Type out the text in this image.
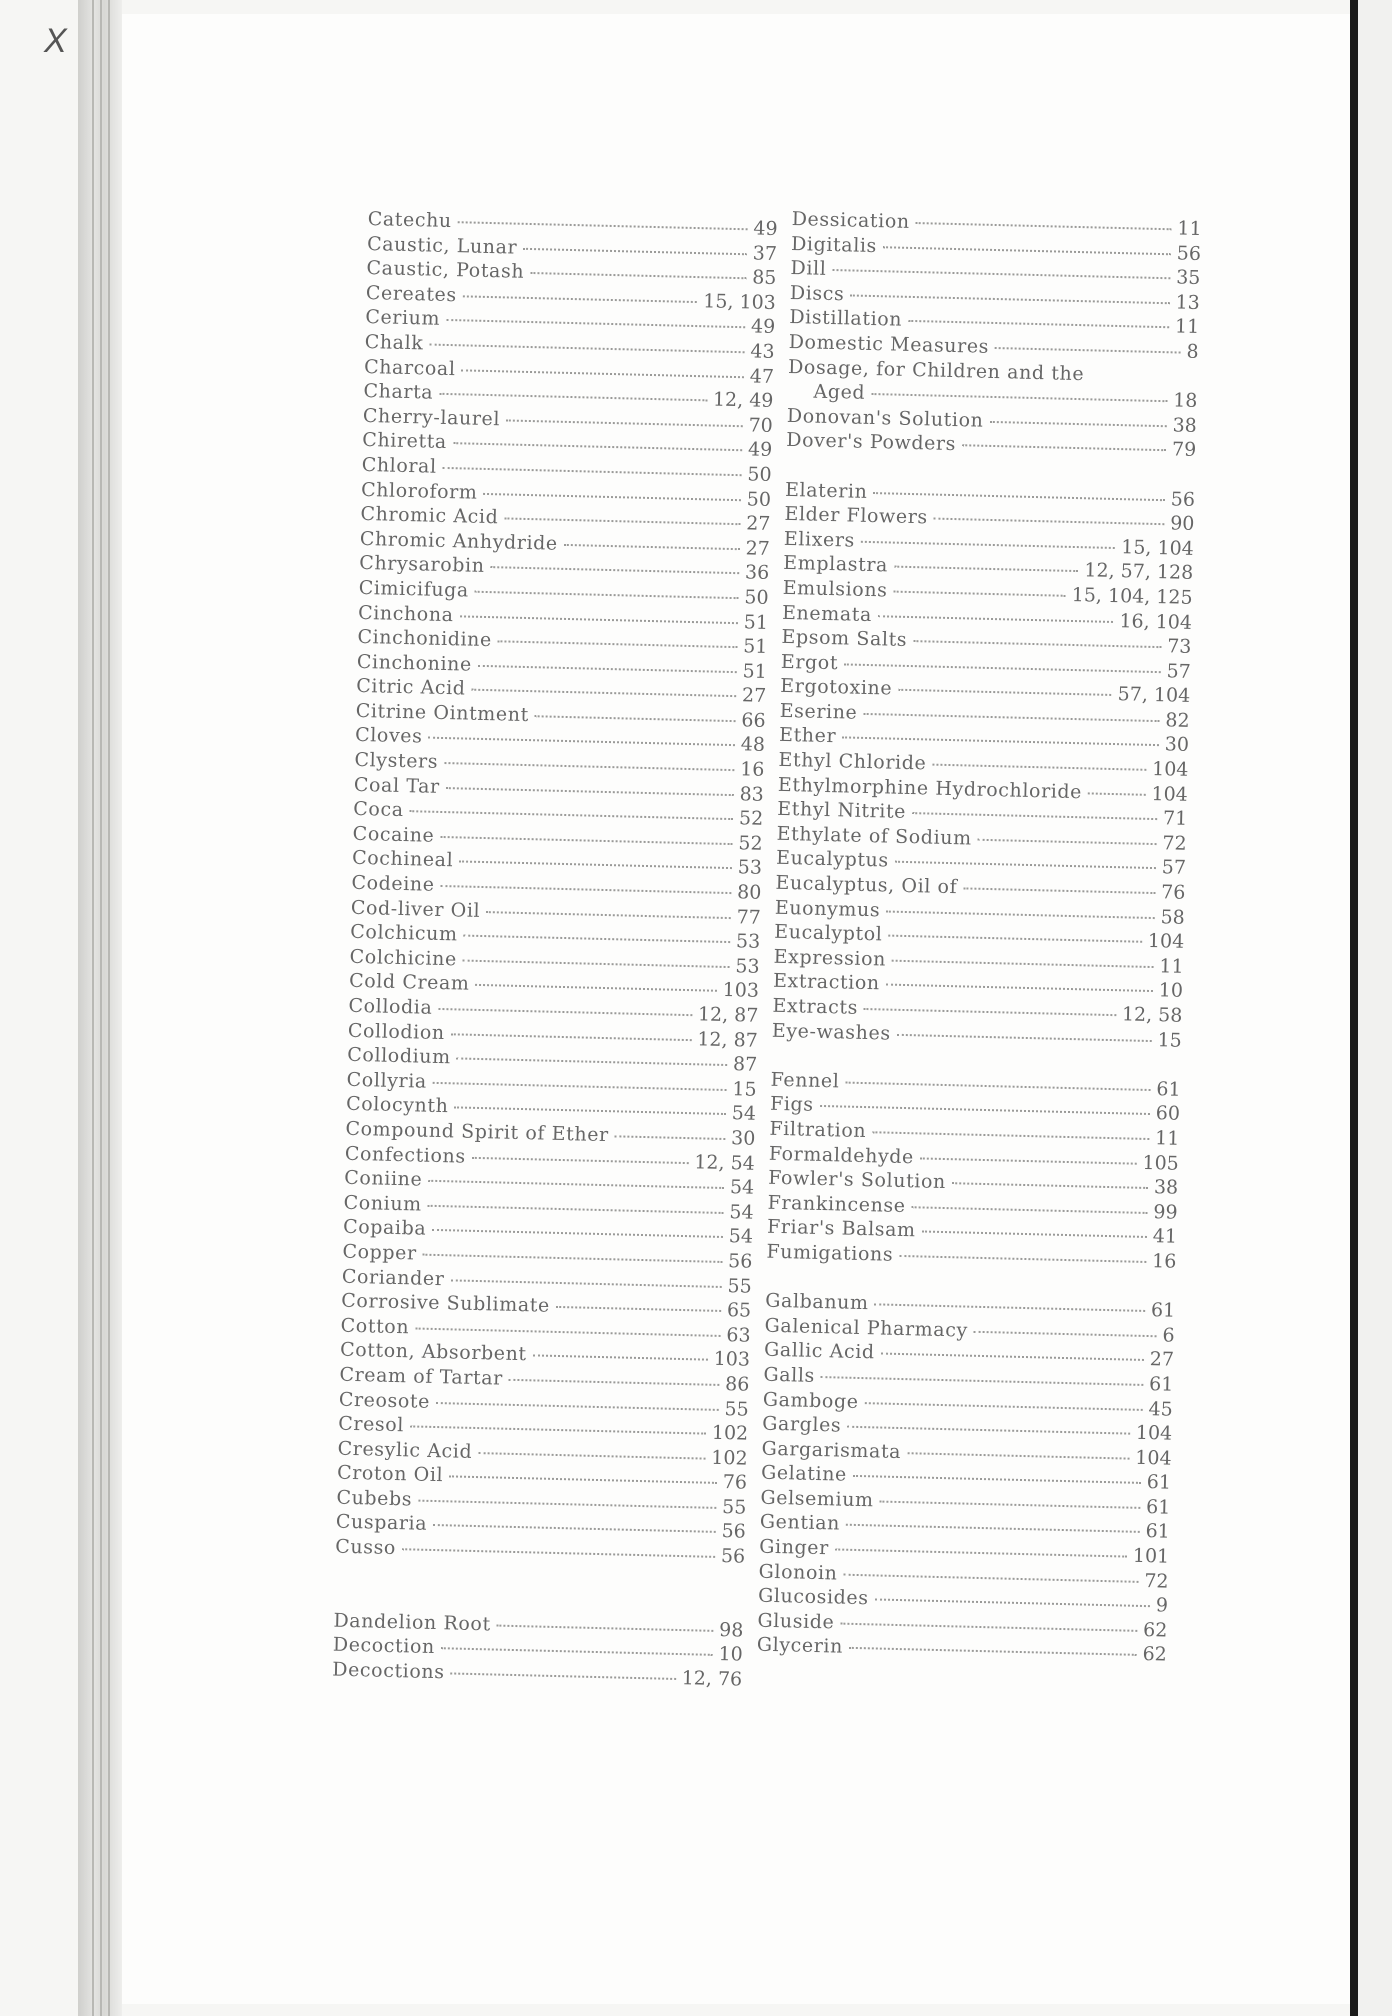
X
Catechu	49
Caustic, Lunar	37
Caustic, Potash	85
Cereates	15, 103
Cerium	49
Chalk	43
Charcoal	47
Charta	12, 49
Cherry-laurel	70
Chiretta	49
Chloral	50
Chloroform	50
Chromic Acid	27
Chromic Anhydride	27
Chrysarobin	36
Cimicifuga	50
Cinchona	51
Cinchonidine	51
Cinchonine	51
Citric Acid	27
Citrine Ointment	66
Cloves	48
Clysters	16
Coal Tar	83
Coca	52
Cocaine	52
Cochineal	53
Codeine	80
Cod-liver Oil	77
Colchicum	53
Colchicine	53
Cold Cream	103
Collodia	12, 87
Collodion	12, 87
Collodium	87
Collyria	15
Colocynth	54
Compound Spirit of Ether	30
Confections	12, 54
Coniine	54
Conium	54
Copaiba	54
Copper	56
Coriander	55
Corrosive Sublimate	65
Cotton	63
Cotton, Absorbent	103
Cream of Tartar	86
Creosote	55
Cresol	102
Cresylic Acid	102
Croton Oil	76
Cubebs	55
Cusparia	56
Cusso	56
Dandelion Root	98
Decoction	10
Decoctions	12, 76
Dessication	11
Digitalis	56
Dill	35
Discs	13
Distillation	11
Domestic Measures	8
Dosage, for Children and the
Aged	18
Donovan's Solution	38
Dover's Powders	79
Elaterin	56
Elder Flowers	90
Elixers	15, 104
Emplastra	12, 57, 128
Emulsions	15, 104, 125
Enemata	16, 104
Epsom Salts	73
Ergot	57
Ergotoxine	57, 104
Eserine	82
Ether	30
Ethyl Chloride	104
Ethylmorphine Hydrochloride	104
Ethyl Nitrite	71
Ethylate of Sodium	72
Eucalyptus	57
Eucalyptus, Oil of	76
Euonymus	58
Eucalyptol	104
Expression	11
Extraction	10
Extracts	12, 58
Eye-washes	15
Fennel	61
Figs	60
Filtration	11
Formaldehyde	105
Fowler's Solution	38
Frankincense	99
Friar's Balsam	41
Fumigations	16
Galbanum	61
Galenical Pharmacy	6
Gallic Acid	27
Galls	61
Gamboge	45
Gargles	104
Gargarismata	104
Gelatine	61
Gelsemium	61
Gentian	61
Ginger	101
Glonoin	72
Glucosides	9
Gluside	62
Glycerin	62
